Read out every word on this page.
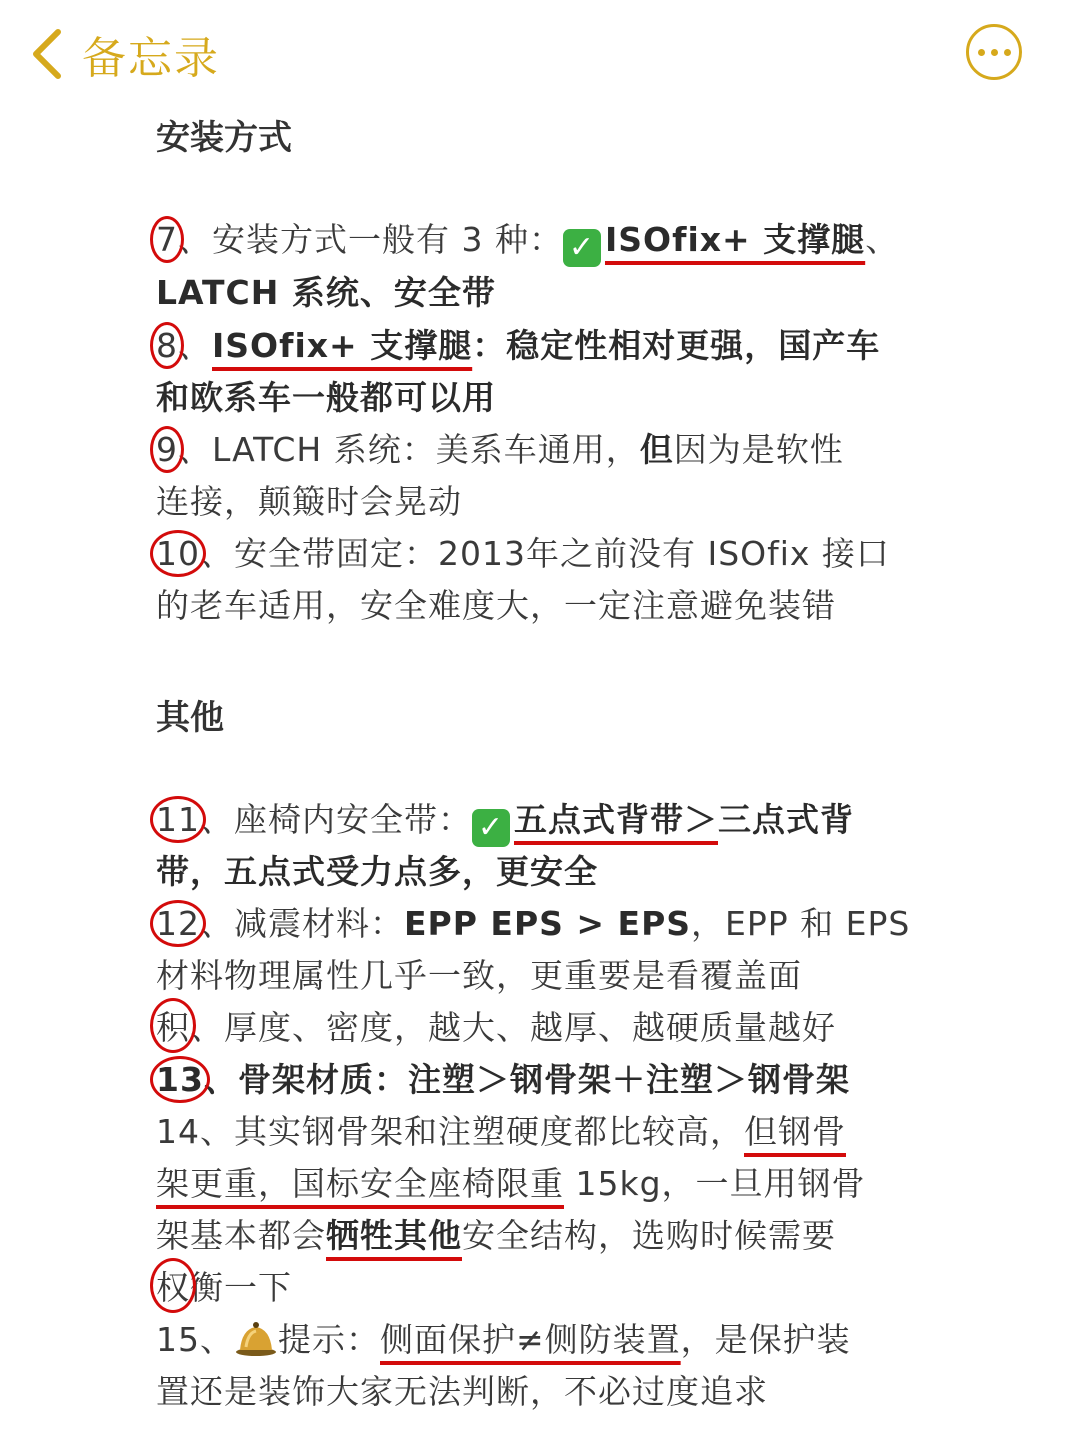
备忘录
安装方式
7、安装方式一般有 3 种： ✓ ISOfix+ 支撑腿、
LATCH 系统、安全带
8、ISOfix+ 支撑腿：稳定性相对更强，国产车
和欧系车一般都可以用
9、LATCH 系统：美系车通用，但因为是软性
连接，颠簸时会晃动
10、安全带固定：2013年之前没有 ISOfix 接口
的老车适用，安全难度大，一定注意避免装错
其他
11、座椅内安全带： ✓ 五点式背带＞三点式背
带，五点式受力点多，更安全
12、减震材料：EPP EPS > EPS，EPP 和 EPS
材料物理属性几乎一致，更重要是看覆盖面
积、厚度、密度，越大、越厚、越硬质量越好
13、骨架材质：注塑＞钢骨架＋注塑＞钢骨架
14、其实钢骨架和注塑硬度都比较高，但钢骨
架更重，国标安全座椅限重 15kg，一旦用钢骨
架基本都会牺牲其他安全结构，选购时候需要
权衡一下
15、 提示：侧面保护≠侧防装置，是保护装
置还是装饰大家无法判断，不必过度追求
